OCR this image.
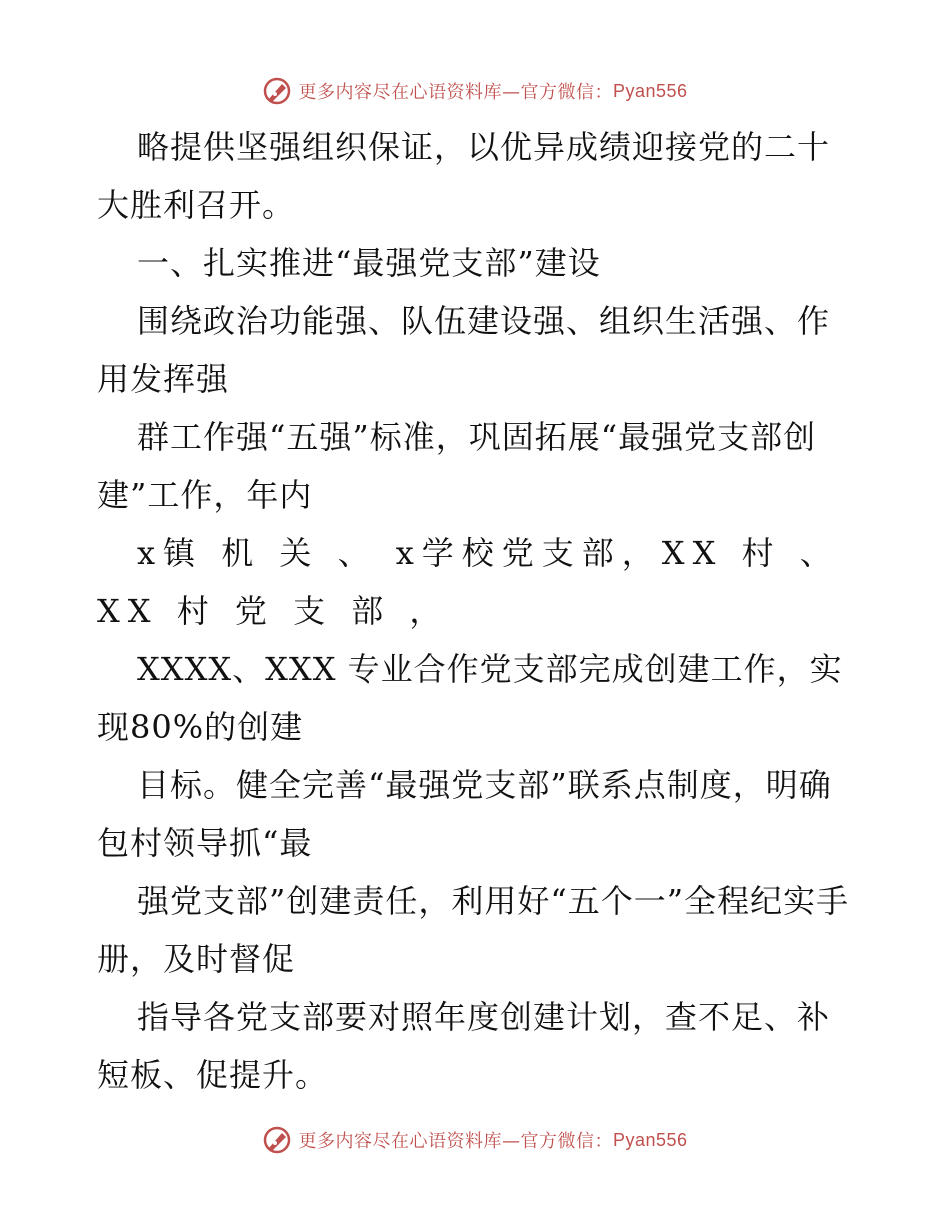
更多内容尽在心语资料库—官方微信： Pyan556

略提供坚强组织保证，以优异成绩迎接党的二十大胜利召开。

一、扎实推进“最强党支部”建设

围绕政治功能强、队伍建设强、组织生活强、作用发挥强

群工作强“五强”标准，巩固拓展“最强党支部创建”工作，年内

x镇 机 关 、 x学校党支部，XX 村 、 XX 村 党 支 部 ，

XXXX、XXX 专业合作党支部完成创建工作，实现80%的创建

目标。健全完善“最强党支部”联系点制度，明确包村领导抓“最

强党支部”创建责任，利用好“五个一”全程纪实手册，及时督促

指导各党支部要对照年度创建计划，查不足、补短板、促提升。

更多内容尽在心语资料库—官方微信： Pyan556
